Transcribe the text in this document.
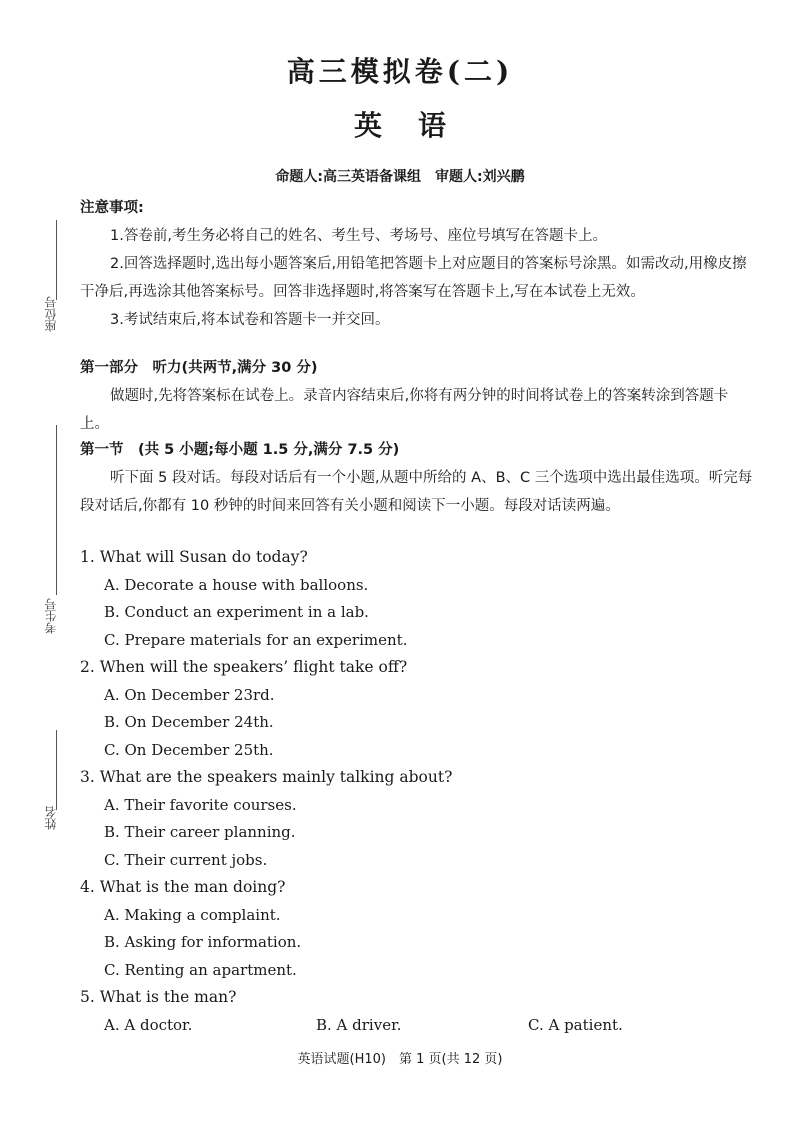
座位号
考生号
姓名
高三模拟卷(二)
英语
命题人:高三英语备课组　审题人:刘兴鹏
注意事项:
1.答卷前,考生务必将自己的姓名、考生号、考场号、座位号填写在答题卡上。
2.回答选择题时,选出每小题答案后,用铅笔把答题卡上对应题目的答案标号涂黑。如需改动,用橡皮擦干净后,再选涂其他答案标号。回答非选择题时,将答案写在答题卡上,写在本试卷上无效。
3.考试结束后,将本试卷和答题卡一并交回。
第一部分　听力(共两节,满分 30 分)
做题时,先将答案标在试卷上。录音内容结束后,你将有两分钟的时间将试卷上的答案转涂到答题卡上。
第一节　(共 5 小题;每小题 1.5 分,满分 7.5 分)
听下面 5 段对话。每段对话后有一个小题,从题中所给的 A、B、C 三个选项中选出最佳选项。听完每段对话后,你都有 10 秒钟的时间来回答有关小题和阅读下一小题。每段对话读两遍。
1. What will Susan do today?
A. Decorate a house with balloons.
B. Conduct an experiment in a lab.
C. Prepare materials for an experiment.
2. When will the speakers’ flight take off?
A. On December 23rd.
B. On December 24th.
C. On December 25th.
3. What are the speakers mainly talking about?
A. Their favorite courses.
B. Their career planning.
C. Their current jobs.
4. What is the man doing?
A. Making a complaint.
B. Asking for information.
C. Renting an apartment.
5. What is the man?
A. A doctor.	B. A driver.	C. A patient.
英语试题(H10)　第 1 页(共 12 页)
